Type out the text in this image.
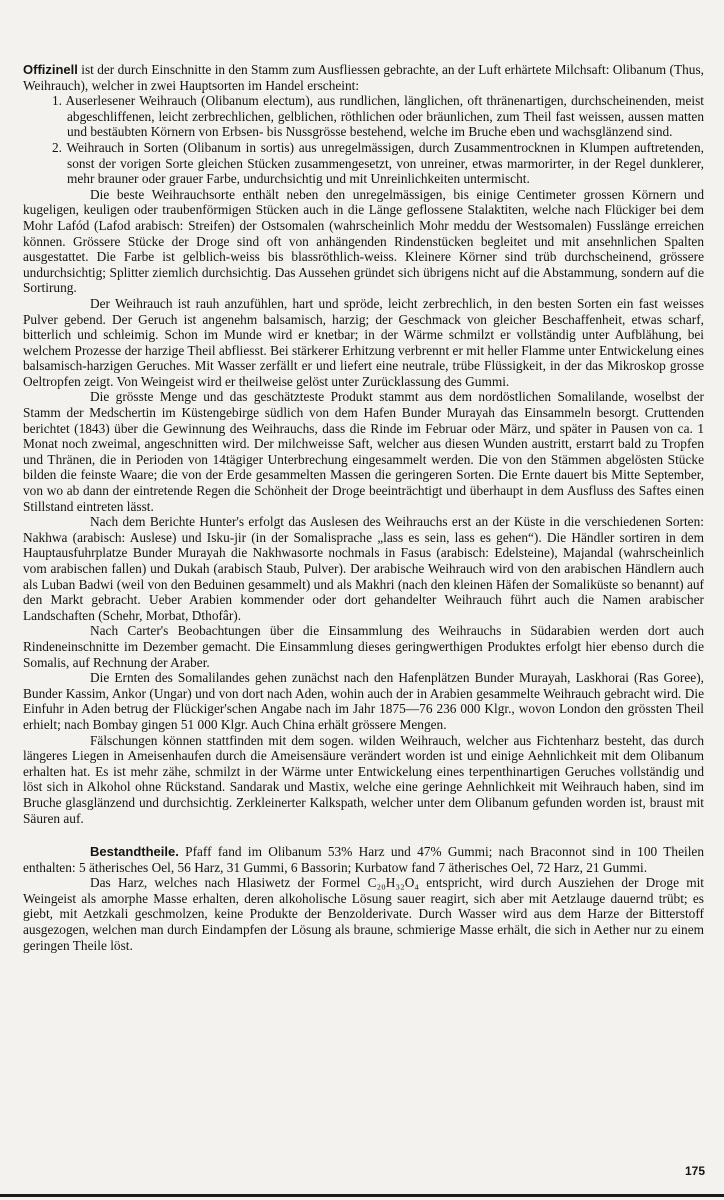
Offizinell ist der durch Einschnitte in den Stamm zum Ausfliessen gebrachte, an der Luft erhärtete Milchsaft: Olibanum (Thus, Weihrauch), welcher in zwei Hauptsorten im Handel erscheint:

1. Auserlesener Weihrauch (Olibanum electum), aus rundlichen, länglichen, oft thränenartigen, durchscheinenden, meist abgeschliffenen, leicht zerbrechlichen, gelblichen, röthlichen oder bräunlichen, zum Theil fast weissen, aussen matten und bestäubten Körnern von Erbsen- bis Nussgrösse bestehend, welche im Bruche eben und wachsglänzend sind.

2. Weihrauch in Sorten (Olibanum in sortis) aus unregelmässigen, durch Zusammentrocknen in Klumpen auftretenden, sonst der vorigen Sorte gleichen Stücken zusammengesetzt, von unreiner, etwas marmorirter, in der Regel dunklerer, mehr brauner oder grauer Farbe, undurchsichtig und mit Unreinlichkeiten untermischt.

Die beste Weihrauchsorte enthält neben den unregelmässigen, bis einige Centimeter grossen Körnern und kugeligen, keuligen oder traubenförmigen Stücken auch in die Länge geflossene Stalaktiten, welche nach Flückiger bei dem Mohr Lafód (Lafod arabisch: Streifen) der Ostsomalen (wahrscheinlich Mohr meddu der Westsomalen) Fusslänge erreichen können. Grössere Stücke der Droge sind oft von anhängenden Rindenstücken begleitet und mit ansehnlichen Spalten ausgestattet. Die Farbe ist gelblich-weiss bis blassröthlich-weiss. Kleinere Körner sind trüb durchscheinend, grössere undurchsichtig; Splitter ziemlich durchsichtig. Das Aussehen gründet sich übrigens nicht auf die Abstammung, sondern auf die Sortirung.

Der Weihrauch ist rauh anzufühlen, hart und spröde, leicht zerbrechlich, in den besten Sorten ein fast weisses Pulver gebend. Der Geruch ist angenehm balsamisch, harzig; der Geschmack von gleicher Beschaffenheit, etwas scharf, bitterlich und schleimig. Schon im Munde wird er knetbar; in der Wärme schmilzt er vollständig unter Aufblähung, bei welchem Prozesse der harzige Theil abfliesst. Bei stärkerer Erhitzung verbrennt er mit heller Flamme unter Entwickelung eines balsamisch-harzigen Geruches. Mit Wasser zerfällt er und liefert eine neutrale, trübe Flüssigkeit, in der das Mikroskop grosse Oeltropfen zeigt. Von Weingeist wird er theilweise gelöst unter Zurücklassung des Gummi.

Die grösste Menge und das geschätzteste Produkt stammt aus dem nordöstlichen Somalilande, woselbst der Stamm der Medschertin im Küstengebirge südlich von dem Hafen Bunder Murayah das Einsammeln besorgt. Cruttenden berichtet (1843) über die Gewinnung des Weihrauchs, dass die Rinde im Februar oder März, und später in Pausen von ca. 1 Monat noch zweimal, angeschnitten wird. Der milchweisse Saft, welcher aus diesen Wunden austritt, erstarrt bald zu Tropfen und Thränen, die in Perioden von 14tägiger Unterbrechung eingesammelt werden. Die von den Stämmen abgelösten Stücke bilden die feinste Waare; die von der Erde gesammelten Massen die geringeren Sorten. Die Ernte dauert bis Mitte September, von wo ab dann der eintretende Regen die Schönheit der Droge beeinträchtigt und überhaupt in dem Ausfluss des Saftes einen Stillstand eintreten lässt.

Nach dem Berichte Hunter's erfolgt das Auslesen des Weihrauchs erst an der Küste in die verschiedenen Sorten: Nakhwa (arabisch: Auslese) und Isku-jir (in der Somalisprache „lass es sein, lass es gehen“). Die Händler sortiren in dem Hauptausfuhrplatze Bunder Murayah die Nakhwasorte nochmals in Fasus (arabisch: Edelsteine), Majandal (wahrscheinlich vom arabischen fallen) und Dukah (arabisch Staub, Pulver). Der arabische Weihrauch wird von den arabischen Händlern auch als Luban Badwi (weil von den Beduinen gesammelt) und als Makhri (nach den kleinen Häfen der Somaliküste so benannt) auf den Markt gebracht. Ueber Arabien kommender oder dort gehandelter Weihrauch führt auch die Namen arabischer Landschaften (Schehr, Morbat, Dthofâr).

Nach Carter's Beobachtungen über die Einsammlung des Weihrauchs in Südarabien werden dort auch Rindeneinschnitte im Dezember gemacht. Die Einsammlung dieses geringwerthigen Produktes erfolgt hier ebenso durch die Somalis, auf Rechnung der Araber.

Die Ernten des Somalilandes gehen zunächst nach den Hafenplätzen Bunder Murayah, Laskhorai (Ras Goree), Bunder Kassim, Ankor (Ungar) und von dort nach Aden, wohin auch der in Arabien gesammelte Weihrauch gebracht wird. Die Einfuhr in Aden betrug der Flückiger'schen Angabe nach im Jahr 1875—76 236 000 Klgr., wovon London den grössten Theil erhielt; nach Bombay gingen 51 000 Klgr. Auch China erhält grössere Mengen.

Fälschungen können stattfinden mit dem sogen. wilden Weihrauch, welcher aus Fichtenharz besteht, das durch längeres Liegen in Ameisenhaufen durch die Ameisensäure verändert worden ist und einige Aehnlichkeit mit dem Olibanum erhalten hat. Es ist mehr zähe, schmilzt in der Wärme unter Entwickelung eines terpenthinartigen Geruches vollständig und löst sich in Alkohol ohne Rückstand. Sandarak und Mastix, welche eine geringe Aehnlichkeit mit Weihrauch haben, sind im Bruche glasglänzend und durchsichtig. Zerkleinerter Kalkspath, welcher unter dem Olibanum gefunden worden ist, braust mit Säuren auf.

Bestandtheile. Pfaff fand im Olibanum 53% Harz und 47% Gummi; nach Braconnot sind in 100 Theilen enthalten: 5 ätherisches Oel, 56 Harz, 31 Gummi, 6 Bassorin; Kurbatow fand 7 ätherisches Oel, 72 Harz, 21 Gummi.

Das Harz, welches nach Hlasiwetz der Formel C₂₀H₃₂O₄ entspricht, wird durch Ausziehen der Droge mit Weingeist als amorphe Masse erhalten, deren alkoholische Lösung sauer reagirt, sich aber mit Aetzlauge dauernd trübt; es giebt, mit Aetzkali geschmolzen, keine Produkte der Benzolderivate. Durch Wasser wird aus dem Harze der Bitterstoff ausgezogen, welchen man durch Eindampfen der Lösung als braune, schmierige Masse erhält, die sich in Aether nur zu einem geringen Theile löst.

175
